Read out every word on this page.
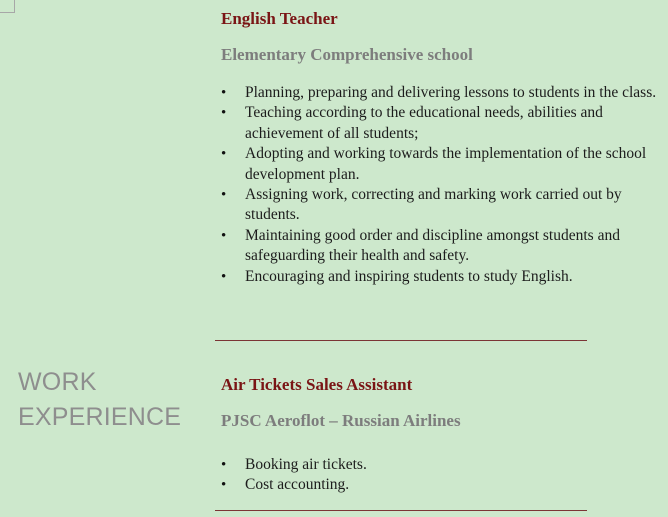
WORK
EXPERIENCE
English Teacher
Elementary Comprehensive school
• Planning, preparing and delivering lessons to students in the class.
• Teaching according to the educational needs, abilities and achievement of all students;
• Adopting and working towards the implementation of the school development plan.
• Assigning work, correcting and marking work carried out by students.
• Maintaining good order and discipline amongst students and safeguarding their health and safety.
• Encouraging and inspiring students to study English.
Air Tickets Sales Assistant
PJSC Aeroflot – Russian Airlines
• Booking air tickets.
• Cost accounting.
